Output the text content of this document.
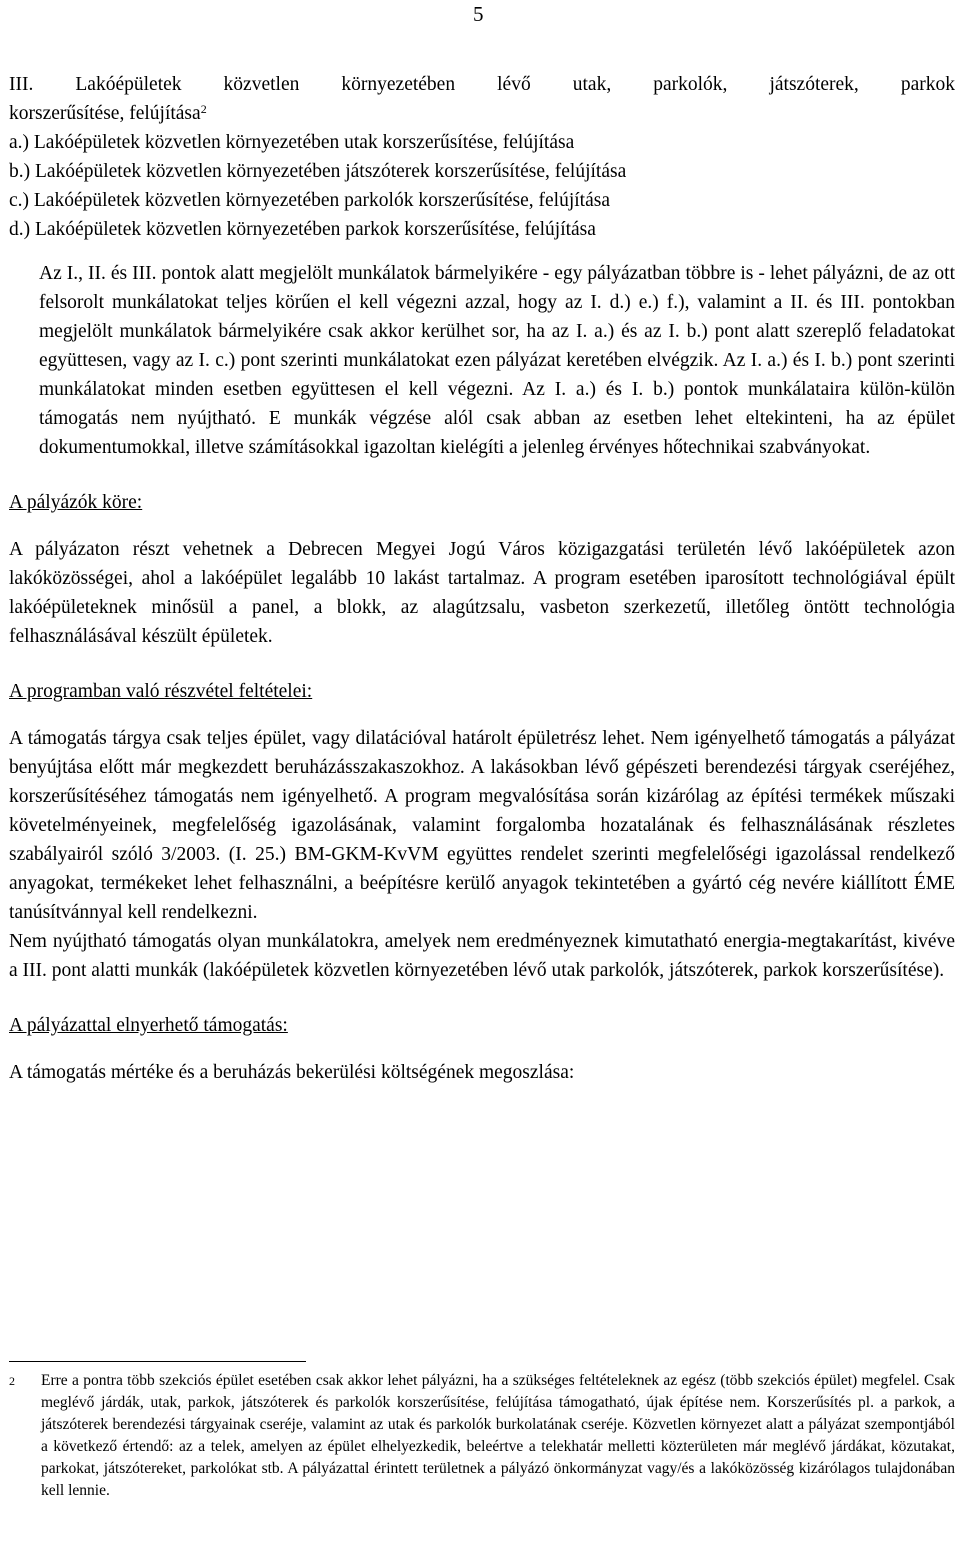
5

III. Lakóépületek közvetlen környezetében lévő utak, parkolók, játszóterek, parkok

korszerűsítése, felújítása$^2$

a.) Lakóépületek közvetlen környezetében utak korszerűsítése, felújítása
b.) Lakóépületek közvetlen környezetében játszóterek korszerűsítése, felújítása
c.) Lakóépületek közvetlen környezetében parkolók korszerűsítése, felújítása
d.) Lakóépületek közvetlen környezetében parkok korszerűsítése, felújítása

Az I., II. és III. pontok alatt megjelölt munkálatok bármelyikére - egy pályázatban többre is - lehet pályázni, de az ott felsorolt munkálatokat teljes körűen el kell végezni azzal, hogy az I. d.) e.) f.), valamint a II. és III. pontokban megjelölt munkálatok bármelyikére csak akkor kerülhet sor, ha az I. a.) és az I. b.) pont alatt szereplő feladatokat együttesen, vagy az I. c.) pont szerinti munkálatokat ezen pályázat keretében elvégzik. Az I. a.) és I. b.) pont szerinti munkálatokat minden esetben együttesen el kell végezni. Az I. a.) és I. b.) pontok munkálataira külön-külön támogatás nem nyújtható. E munkák végzése alól csak abban az esetben lehet eltekinteni, ha az épület dokumentumokkal, illetve számításokkal igazoltan kielégíti a jelenleg érvényes hőtechnikai szabványokat.

A pályázók köre:

A pályázaton részt vehetnek a Debrecen Megyei Jogú Város közigazgatási területén lévő lakóépületek azon lakóközösségei, ahol a lakóépület legalább 10 lakást tartalmaz. A program esetében iparosított technológiával épült lakóépületeknek minősül a panel, a blokk, az alagútzsalu, vasbeton szerkezetű, illetőleg öntött technológia felhasználásával készült épületek.

A programban való részvétel feltételei:

A támogatás tárgya csak teljes épület, vagy dilatációval határolt épületrész lehet. Nem igényelhető támogatás a pályázat benyújtása előtt már megkezdett beruházásszakaszokhoz. A lakásokban lévő gépészeti berendezési tárgyak cseréjéhez, korszerűsítéséhez támogatás nem igényelhető. A program megvalósítása során kizárólag az építési termékek műszaki követelményeinek, megfelelőség igazolásának, valamint forgalomba hozatalának és felhasználásának részletes szabályairól szóló 3/2003. (I. 25.) BM-GKM-KvVM együttes rendelet szerinti megfelelőségi igazolással rendelkező anyagokat, termékeket lehet felhasználni, a beépítésre kerülő anyagok tekintetében a gyártó cég nevére kiállított ÉME tanúsítvánnyal kell rendelkezni.

Nem nyújtható támogatás olyan munkálatokra, amelyek nem eredményeznek kimutatható energia-megtakarítást, kivéve a III. pont alatti munkák (lakóépületek közvetlen környezetében lévő utak parkolók, játszóterek, parkok korszerűsítése).

A pályázattal elnyerhető támogatás:

A támogatás mértéke és a beruházás bekerülési költségének megoszlása:

2 Erre a pontra több szekciós épület esetében csak akkor lehet pályázni, ha a szükséges feltételeknek az egész (több szekciós épület) megfelel. Csak meglévő járdák, utak, parkok, játszóterek és parkolók korszerűsítése, felújítása támogatható, újak építése nem. Korszerűsítés pl. a parkok, a játszóterek berendezési tárgyainak cseréje, valamint az utak és parkolók burkolatának cseréje. Közvetlen környezet alatt a pályázat szempontjából a következő értendő: az a telek, amelyen az épület elhelyezkedik, beleértve a telekhatár melletti közterületen már meglévő járdákat, közutakat, parkokat, játszótereket, parkolókat stb. A pályázattal érintett területnek a pályázó önkormányzat vagy/és a lakóközösség kizárólagos tulajdonában kell lennie.
